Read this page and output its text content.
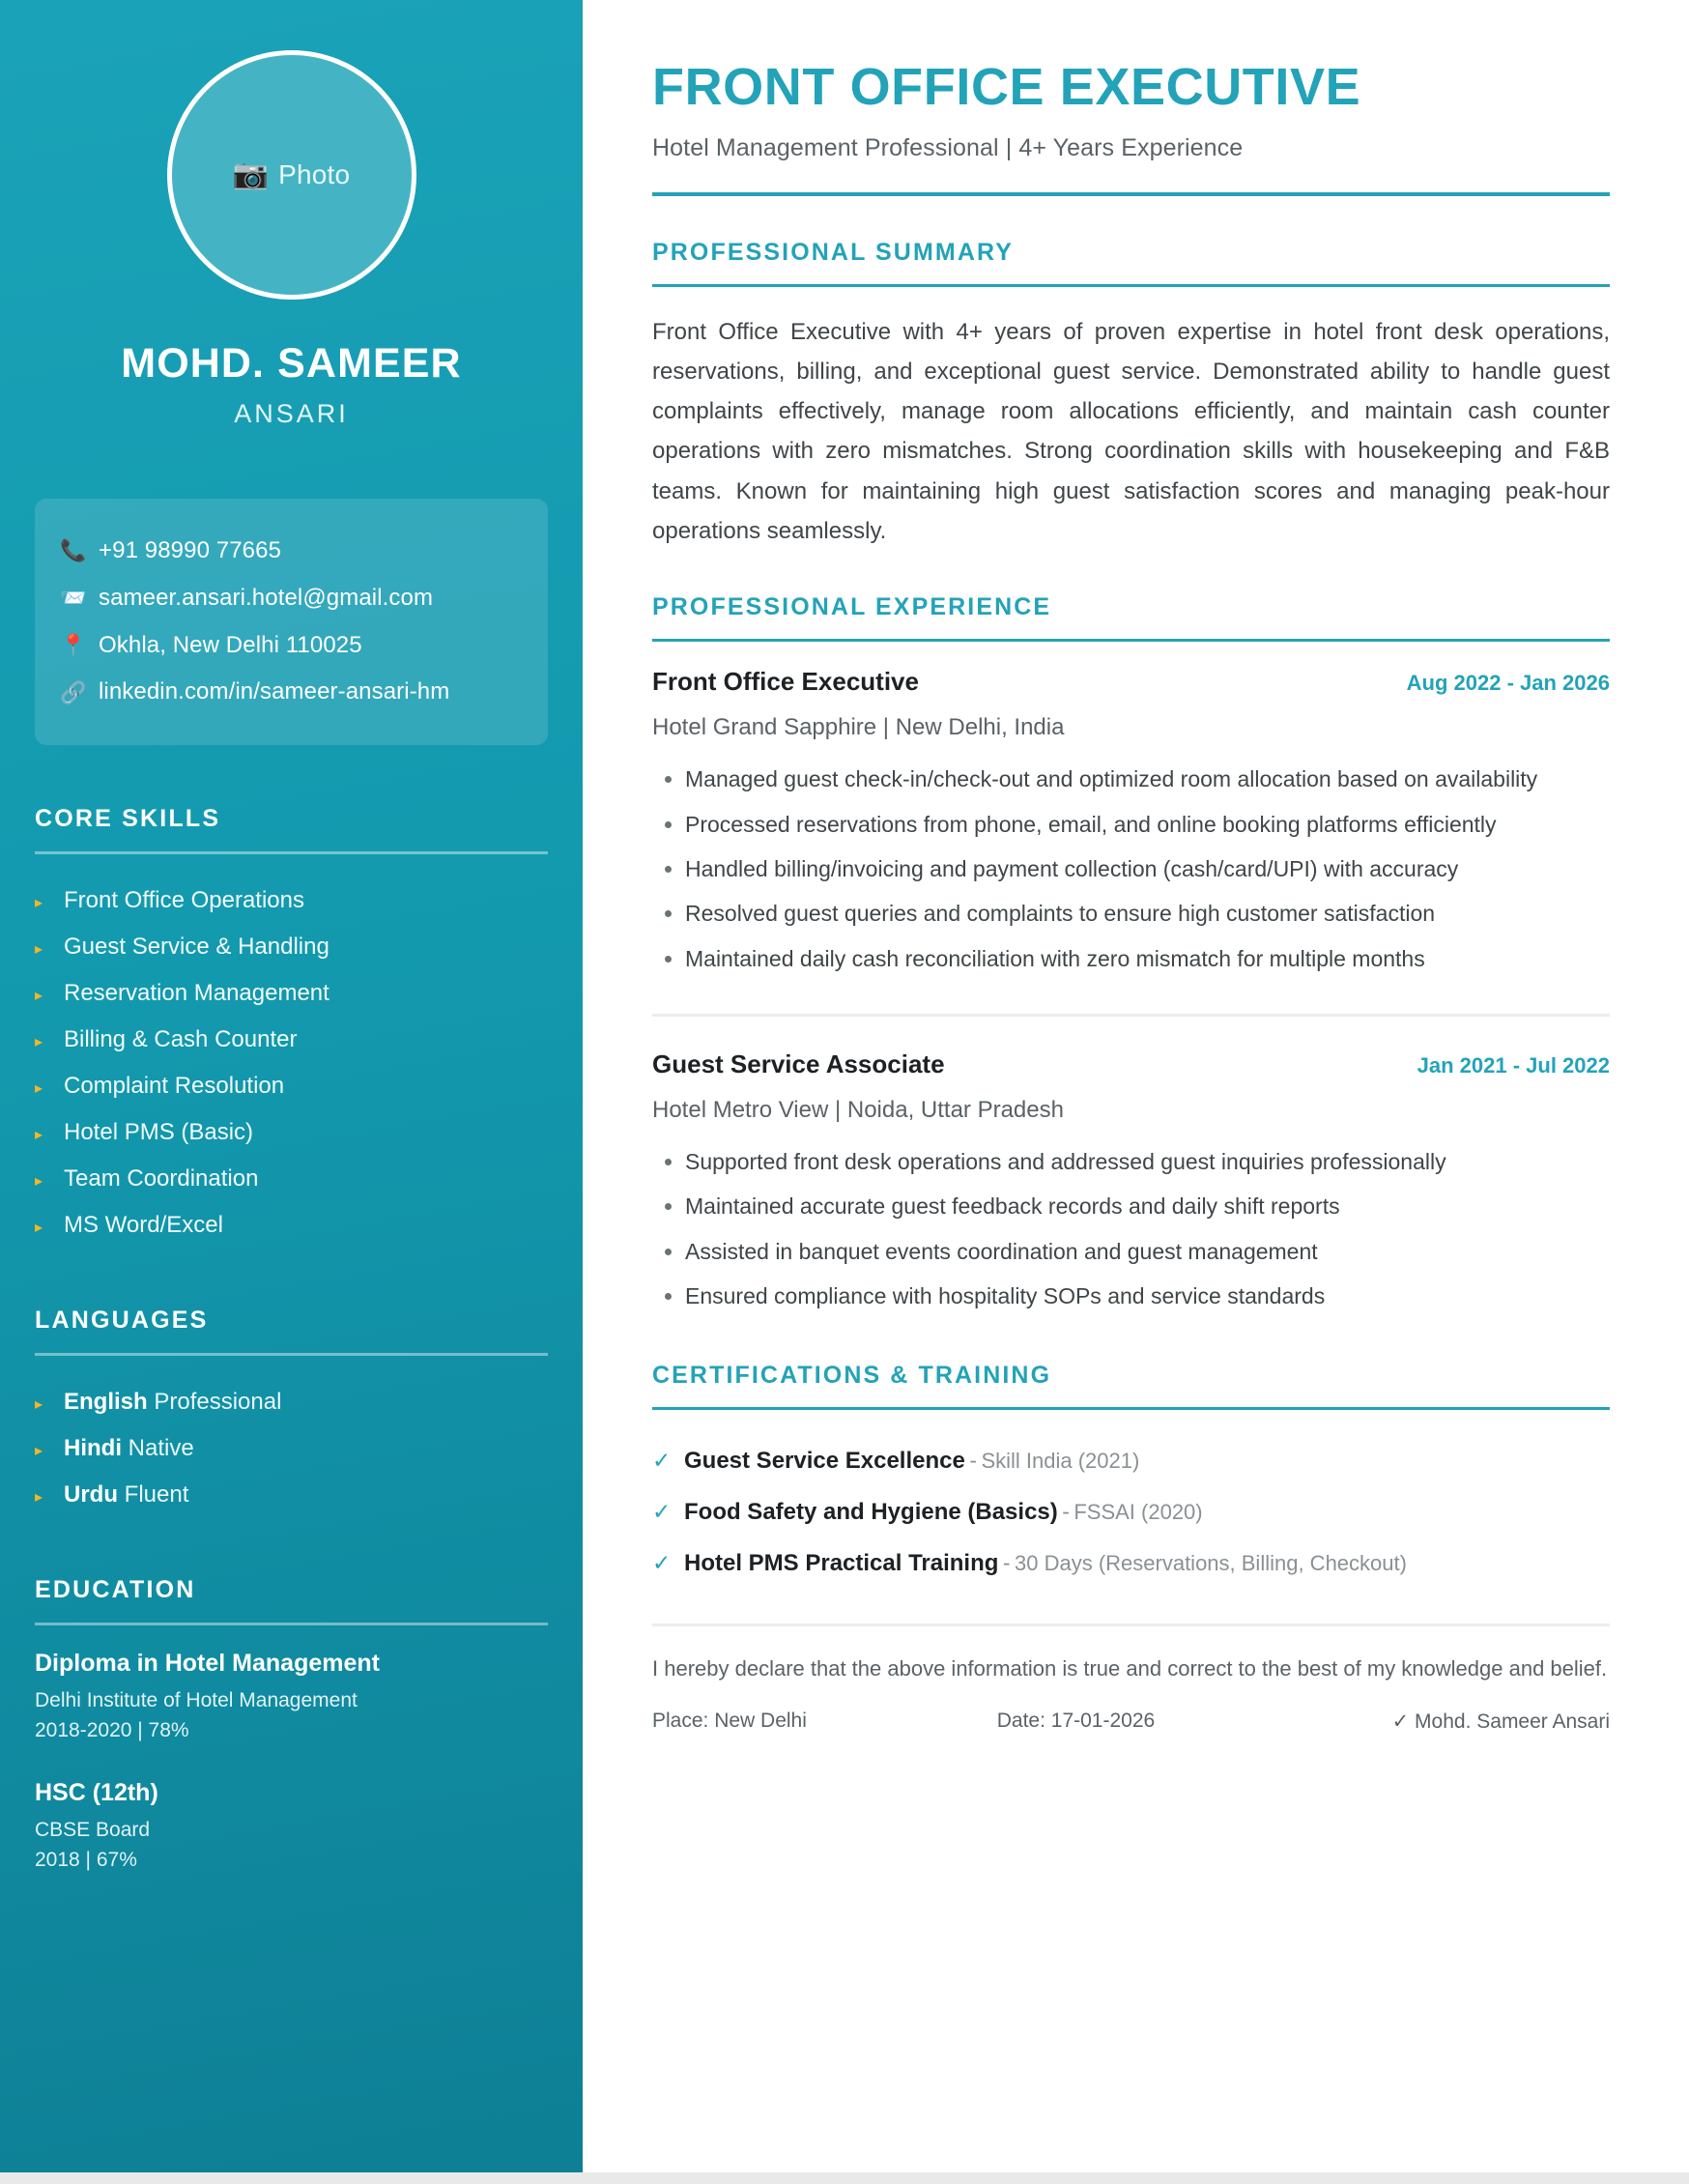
📷 Photo
MOHD. SAMEER
ANSARI
📞 +91 98990 77665
📨 sameer.ansari.hotel@gmail.com
📍 Okhla, New Delhi 110025
🔗 linkedin.com/in/sameer-ansari-hm
CORE SKILLS
▸ Front Office Operations
▸ Guest Service & Handling
▸ Reservation Management
▸ Billing & Cash Counter
▸ Complaint Resolution
▸ Hotel PMS (Basic)
▸ Team Coordination
▸ MS Word/Excel
LANGUAGES
▸ English Professional
▸ Hindi Native
▸ Urdu Fluent
EDUCATION
Diploma in Hotel Management
Delhi Institute of Hotel Management
2018-2020 | 78%
HSC (12th)
CBSE Board
2018 | 67%
FRONT OFFICE EXECUTIVE
Hotel Management Professional | 4+ Years Experience
PROFESSIONAL SUMMARY

Front Office Executive with 4+ years of proven expertise in hotel front desk operations, reservations, billing, and exceptional guest service. Demonstrated ability to handle guest complaints effectively, manage room allocations efficiently, and maintain cash counter operations with zero mismatches. Strong coordination skills with housekeeping and F&B teams. Known for maintaining high guest satisfaction scores and managing peak-hour operations seamlessly.

PROFESSIONAL EXPERIENCE
Front Office Executive	Aug 2022 - Jan 2026
Hotel Grand Sapphire | New Delhi, India
• Managed guest check-in/check-out and optimized room allocation based on availability
• Processed reservations from phone, email, and online booking platforms efficiently
• Handled billing/invoicing and payment collection (cash/card/UPI) with accuracy
• Resolved guest queries and complaints to ensure high customer satisfaction
• Maintained daily cash reconciliation with zero mismatch for multiple months
Guest Service Associate	Jan 2021 - Jul 2022
Hotel Metro View | Noida, Uttar Pradesh
• Supported front desk operations and addressed guest inquiries professionally
• Maintained accurate guest feedback records and daily shift reports
• Assisted in banquet events coordination and guest management
• Ensured compliance with hospitality SOPs and service standards
CERTIFICATIONS & TRAINING
✓ Guest Service Excellence - Skill India (2021)
✓ Food Safety and Hygiene (Basics) - FSSAI (2020)
✓ Hotel PMS Practical Training - 30 Days (Reservations, Billing, Checkout)
I hereby declare that the above information is true and correct to the best of my knowledge and belief.
Place: New Delhi	Date: 17-01-2026	✓ Mohd. Sameer Ansari
